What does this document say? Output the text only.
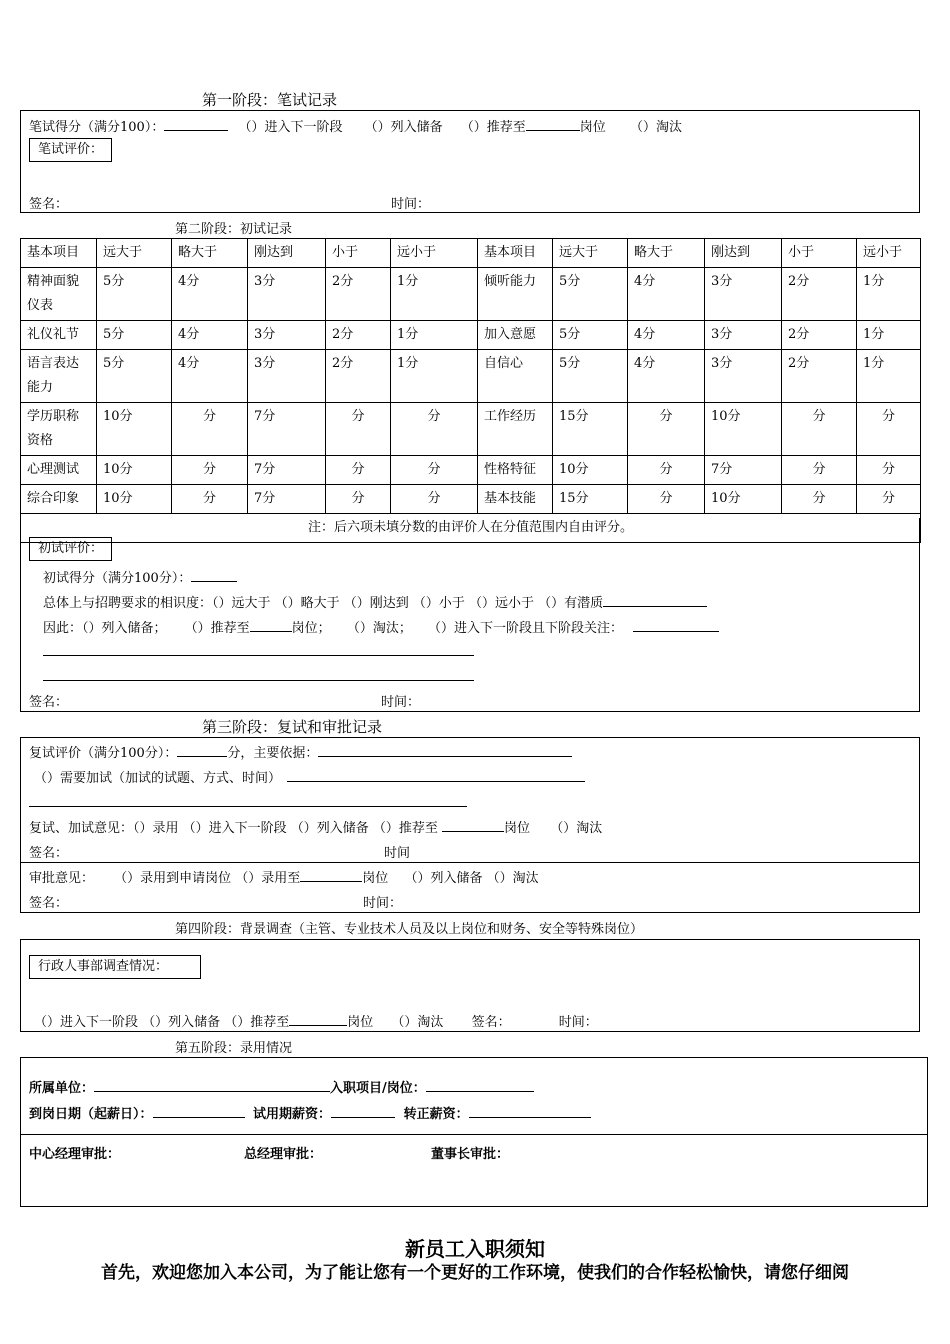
第一阶段：笔试记录
笔试得分（满分100）：	（）进入下一阶段 （）列入储备 （）推荐至	岗位 （）淘汰
笔试评价：
签名：	时间：
第二阶段：初试记录
基本项目	远大于	略大于	刚达到	小于	远小于	基本项目	远大于	略大于	刚达到	小于	远小于
精神面貌仪表	5分	4分	3分	2分	1分	倾听能力	5分	4分	3分	2分	1分
礼仪礼节	5分	4分	3分	2分	1分	加入意愿	5分	4分	3分	2分	1分
语言表达能力	5分	4分	3分	2分	1分	自信心	5分	4分	3分	2分	1分
学历职称资格	10分	分	7分	分	分	工作经历	15分	分	10分	分	分
心理测试	10分	分	7分	分	分	性格特征	10分	分	7分	分	分
综合印象	10分	分	7分	分	分	基本技能	15分	分	10分	分	分
注：后六项未填分数的由评价人在分值范围内自由评分。											
初试评价：
初试得分（满分100分）：
总体上与招聘要求的相识度：（）远大于 （）略大于 （）刚达到 （）小于 （）远小于 （）有潜质
因此：（）列入储备； （）推荐至	岗位； （）淘汰； （）进入下一阶段且下阶段关注：
签名：	时间：
第三阶段：复试和审批记录
复试评价（满分100分）：	分，主要依据：
（）需要加试（加试的试题、方式、时间）
复试、加试意见：（）录用 （）进入下一阶段 （）列入储备 （）推荐至	岗位 （）淘汰
签名：	时间
审批意见： （）录用到申请岗位 （）录用至	岗位 （）列入储备 （）淘汰
签名：	时间：
第四阶段：背景调查（主管、专业技术人员及以上岗位和财务、安全等特殊岗位）
行政人事部调查情况：
（）进入下一阶段 （）列入储备 （）推荐至	岗位 （）淘汰 签名：	时间：
第五阶段：录用情况
所属单位：	入职项目/岗位：
到岗日期（起薪日）：	试用期薪资：	转正薪资：
中心经理审批：	总经理审批：	董事长审批：
新员工入职须知
首先，欢迎您加入本公司，为了能让您有一个更好的工作环境，使我们的合作轻松愉快，请您仔细阅
